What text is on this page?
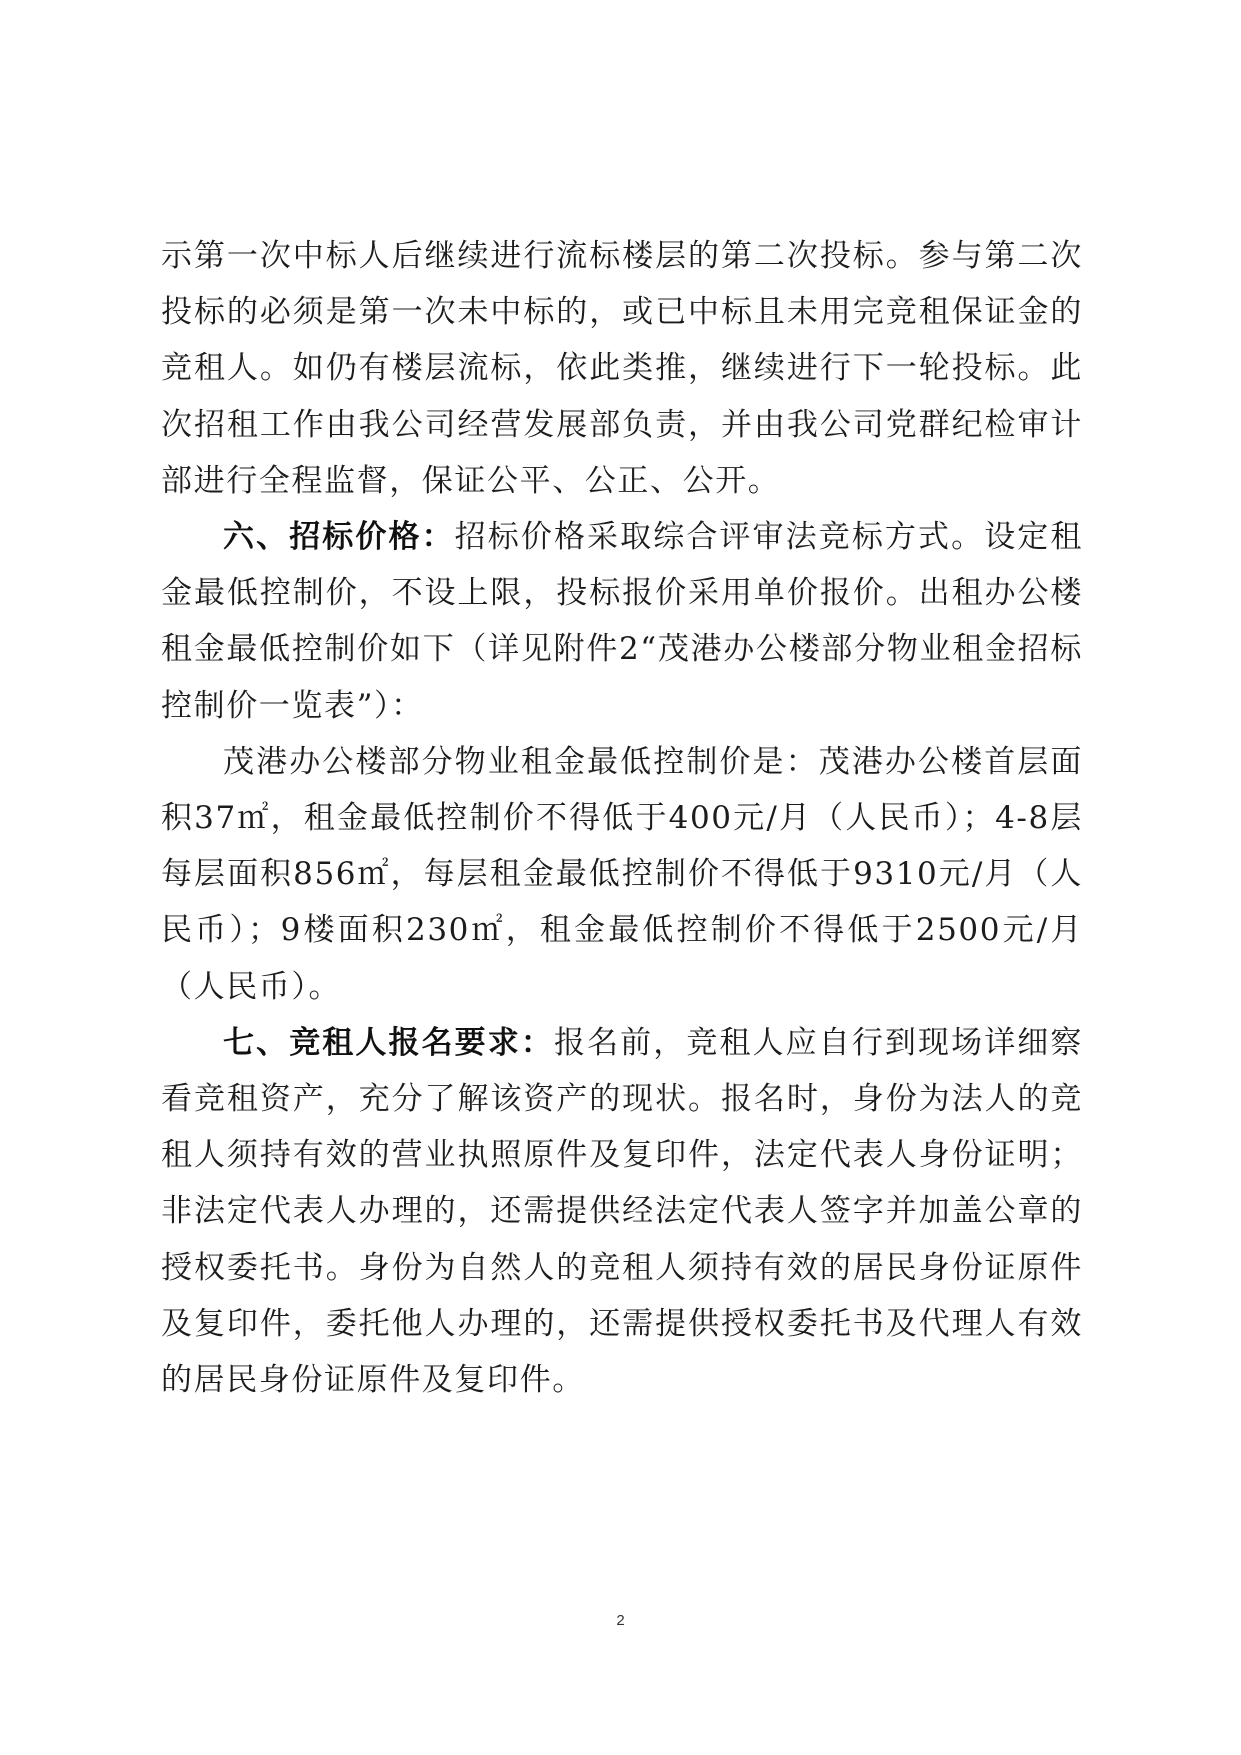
示第一次中标人后继续进行流标楼层的第二次投标。参与第二次投标的必须是第一次未中标的，或已中标且未用完竞租保证金的竞租人。如仍有楼层流标，依此类推，继续进行下一轮投标。此次招租工作由我公司经营发展部负责，并由我公司党群纪检审计部进行全程监督，保证公平、公正、公开。

六、招标价格：招标价格采取综合评审法竞标方式。设定租金最低控制价，不设上限，投标报价采用单价报价。出租办公楼租金最低控制价如下（详见附件2“茂港办公楼部分物业租金招标控制价一览表”）：

茂港办公楼部分物业租金最低控制价是：茂港办公楼首层面积37㎡，租金最低控制价不得低于400元/月（人民币）；4-8层每层面积856㎡，每层租金最低控制价不得低于9310元/月（人民币）；9楼面积230㎡，租金最低控制价不得低于2500元/月（人民币）。

七、竞租人报名要求：报名前，竞租人应自行到现场详细察看竞租资产，充分了解该资产的现状。报名时，身份为法人的竞租人须持有效的营业执照原件及复印件，法定代表人身份证明；非法定代表人办理的，还需提供经法定代表人签字并加盖公章的授权委托书。身份为自然人的竞租人须持有效的居民身份证原件及复印件，委托他人办理的，还需提供授权委托书及代理人有效的居民身份证原件及复印件。

2
